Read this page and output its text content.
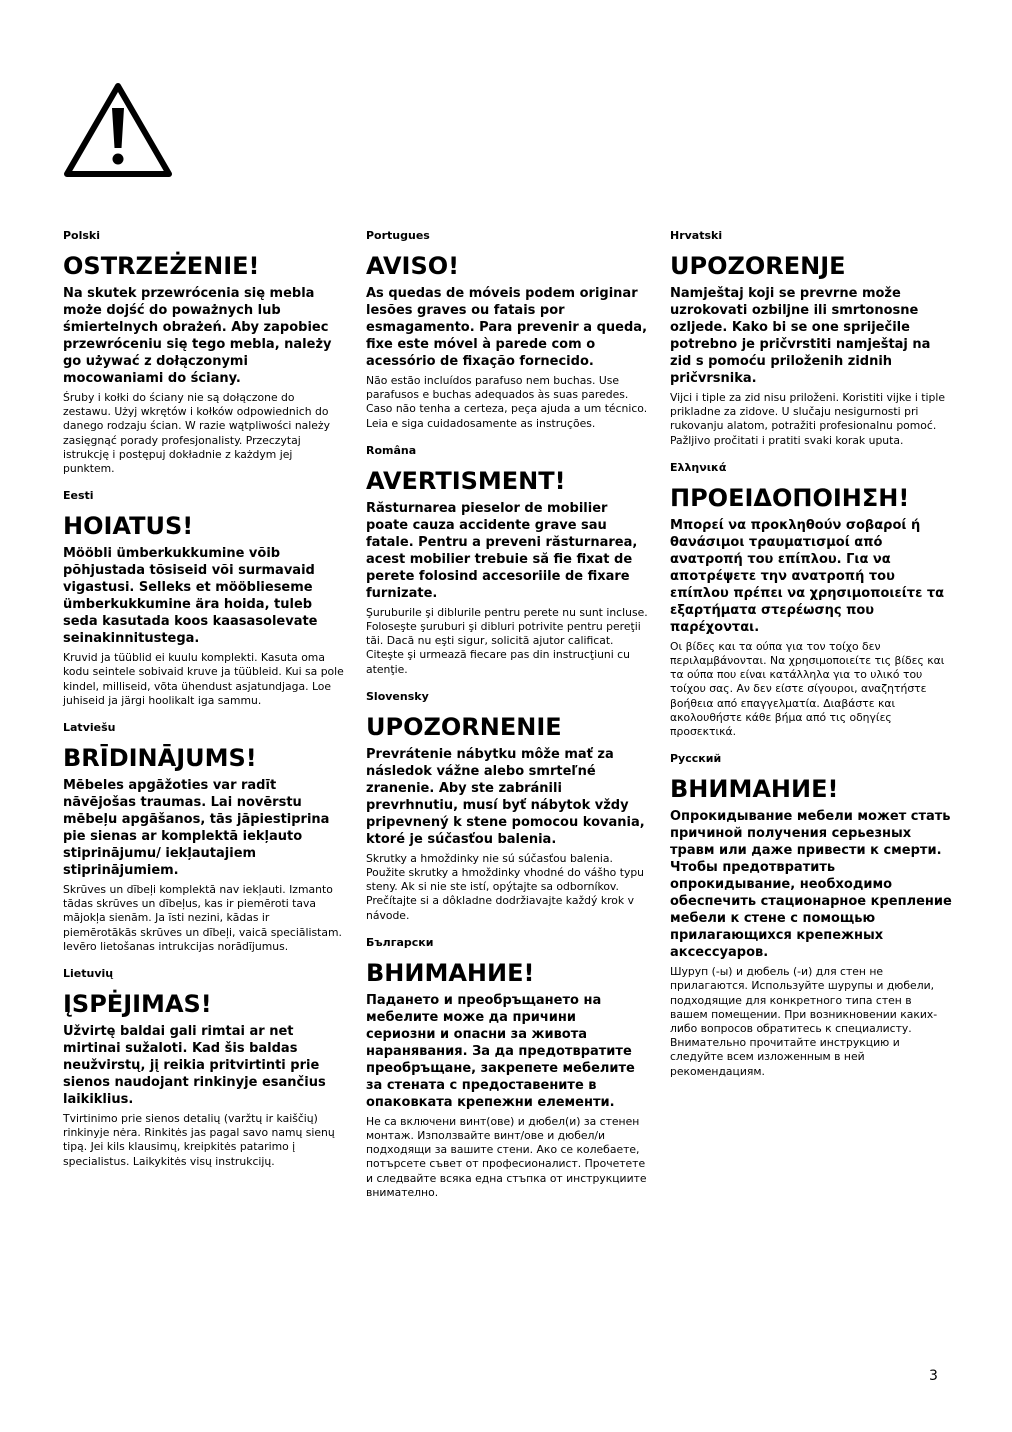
Polski
OSTRZEŻENIE!
Na skutek przewrócenia się mebla może dojść do poważnych lub śmiertelnych obrażeń. Aby zapobiec przewróceniu się tego mebla, należy go używać z dołączonymi mocowaniami do ściany.
Śruby i kołki do ściany nie są dołączone do zestawu. Użyj wkrętów i kołków odpowiednich do danego rodzaju ścian. W razie wątpliwości należy zasięgnąć porady profesjonalisty. Przeczytaj istrukcję i postępuj dokładnie z każdym jej punktem.
Eesti
HOIATUS!
Mööbli ümberkukkumine võib põhjustada tõsiseid või surmavaid vigastusi. Selleks et mööblieseme ümberkukkumine ära hoida, tuleb seda kasutada koos kaasasolevate seinakinnitustega.
Kruvid ja tüüblid ei kuulu komplekti. Kasuta oma kodu seintele sobivaid kruve ja tüübleid. Kui sa pole kindel, milliseid, võta ühendust asjatundjaga. Loe juhiseid ja järgi hoolikalt iga sammu.
Latviešu
BRĪDINĀJUMS!
Mēbeles apgāžoties var radīt nāvējošas traumas. Lai novērstu mēbeļu apgāšanos, tās jāpiestiprina pie sienas ar komplektā iekļauto stiprinājumu/ iekļautajiem stiprinājumiem.
Skrūves un dībeļi komplektā nav iekļauti. Izmanto tādas skrūves un dībeļus, kas ir piemēroti tava mājokļa sienām. Ja īsti nezini, kādas ir piemērotākās skrūves un dībeļi, vaicā speciālistam. Ievēro lietošanas intrukcijas norādījumus.
Lietuvių
ĮSPĖJIMAS!
Užvirtę baldai gali rimtai ar net mirtinai sužaloti. Kad šis baldas neužvirstų, jį reikia pritvirtinti prie sienos naudojant rinkinyje esančius laikiklius.
Tvirtinimo prie sienos detalių (varžtų ir kaiščių) rinkinyje nėra. Rinkitės jas pagal savo namų sienų tipą. Jei kils klausimų, kreipkitės patarimo į specialistus. Laikykitės visų instrukcijų.
Portugues
AVISO!
As quedas de móveis podem originar lesões graves ou fatais por esmagamento. Para prevenir a queda, fixe este móvel à parede com o acessório de fixação fornecido.
Não estão incluídos parafuso nem buchas. Use parafusos e buchas adequados às suas paredes. Caso não tenha a certeza, peça ajuda a um técnico. Leia e siga cuidadosamente as instruções.
Româna
AVERTISMENT!
Răsturnarea pieselor de mobilier poate cauza accidente grave sau fatale. Pentru a preveni răsturnarea, acest mobilier trebuie să fie fixat de perete folosind accesoriile de fixare furnizate.
Şuruburile şi diblurile pentru perete nu sunt incluse. Foloseşte şuruburi şi dibluri potrivite pentru pereţii tăi. Dacă nu eşti sigur, solicită ajutor calificat. Citeşte şi urmează fiecare pas din instrucţiuni cu atenţie.
Slovensky
UPOZORNENIE
Prevrátenie nábytku môže mať za následok vážne alebo smrteľné zranenie. Aby ste zabránili prevrhnutiu, musí byť nábytok vždy pripevnený k stene pomocou kovania, ktoré je súčasťou balenia.
Skrutky a hmoždinky nie sú súčasťou balenia. Použite skrutky a hmoždinky vhodné do vášho typu steny. Ak si nie ste istí, opýtajte sa odborníkov. Prečítajte si a dôkladne dodržiavajte každý krok v návode.
Български
ВНИМАНИЕ!
Падането и преобръщането на мебелите може да причини сериозни и опасни за живота наранявания. За да предотвратите преобръщане, закрепете мебелите за стената с предоставените в опаковката крепежни елементи.
Не са включени винт(ове) и дюбел(и) за стенен монтаж. Използвайте винт/ове и дюбел/и подходящи за вашите стени. Ако се колебаете, потърсете съвет от професионалист. Прочетете и следвайте всяка една стъпка от инструкциите внимателно.
Hrvatski
UPOZORENJE
Namještaj koji se prevrne može uzrokovati ozbiljne ili smrtonosne ozljede. Kako bi se one spriječile potrebno je pričvrstiti namještaj na zid s pomoću priloženih zidnih pričvrsnika.
Vijci i tiple za zid nisu priloženi. Koristiti vijke i tiple prikladne za zidove. U slučaju nesigurnosti pri rukovanju alatom, potražiti profesionalnu pomoć. Pažljivo pročitati i pratiti svaki korak uputa.
Ελληνικά
ΠΡΟΕΙΔΟΠΟΙΗΣΗ!
Μπορεί να προκληθούν σοβαροί ή θανάσιμοι τραυματισμοί από ανατροπή του επίπλου. Για να αποτρέψετε την ανατροπή του επίπλου πρέπει να χρησιμοποιείτε τα εξαρτήματα στερέωσης που παρέχονται.
Οι βίδες και τα ούπα για τον τοίχο δεν περιλαμβάνονται. Να χρησιμοποιείτε τις βίδες και τα ούπα που είναι κατάλληλα για το υλικό του τοίχου σας. Αν δεν είστε σίγουροι, αναζητήστε βοήθεια από επαγγελματία. Διαβάστε και ακολουθήστε κάθε βήμα από τις οδηγίες προσεκτικά.
Русский
ВНИМАНИЕ!
Опрокидывание мебели может стать причиной получения серьезных травм или даже привести к смерти. Чтобы предотвратить опрокидывание, необходимо обеспечить стационарное крепление мебели к стене с помощью прилагающихся крепежных аксессуаров.
Шуруп (-ы) и дюбель (-и) для стен не прилагаются. Используйте шурупы и дюбели, подходящие для конкретного типа стен в вашем помещении. При возникновении каких-либо вопросов обратитесь к специалисту. Внимательно прочитайте инструкцию и следуйте всем изложенным в ней рекомендациям.
3
